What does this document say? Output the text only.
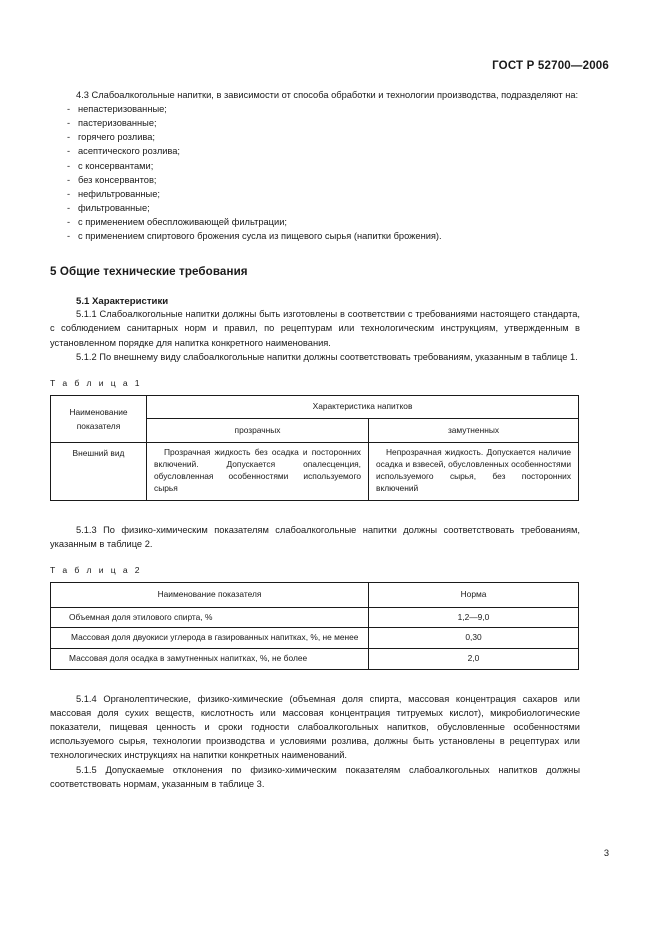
ГОСТ Р 52700—2006

4.3 Слабоалкогольные напитки, в зависимости от способа обработки и технологии производства, подразделяют на:

- непастеризованные;
- пастеризованные;
- горячего розлива;
- асептического розлива;
- с консервантами;
- без консервантов;
- нефильтрованные;
- фильтрованные;
- с применением обеспложивающей фильтрации;
- с применением спиртового брожения сусла из пищевого сырья (напитки брожения).
5 Общие технические требования
5.1 Характеристики

5.1.1 Слабоалкогольные напитки должны быть изготовлены в соответствии с требованиями настоящего стандарта, с соблюдением санитарных норм и правил, по рецептурам или технологическим инструкциям, утвержденным в установленном порядке для напитка конкретного наименования.

5.1.2 По внешнему виду слабоалкогольные напитки должны соответствовать требованиям, указанным в таблице 1.

Т а б л и ц а 1

Наименование
показателя	Характеристика напитков	
	прозрачных	замутненных
Внешний вид	Прозрачная жидкость без осадка и посторонних включений. Допускается опалесценция, обусловленная особенностями используемого сырья	Непрозрачная жидкость. Допускается наличие осадка и взвесей, обусловленных особенностями используемого сырья, без посторонних включений

5.1.3 По физико-химическим показателям слабоалкогольные напитки должны соответствовать требованиям, указанным в таблице 2.

Т а б л и ц а 2

Наименование показателя	Норма
Объемная доля этилового спирта, %	1,2—9,0
Массовая доля двуокиси углерода в газированных напитках, %, не менее	0,30
Массовая доля осадка в замутненных напитках, %, не более	2,0

5.1.4 Органолептические, физико-химические (объемная доля спирта, массовая концентрация сахаров или массовая доля сухих веществ, кислотность или массовая концентрация титруемых кислот), микробиологические показатели, пищевая ценность и сроки годности слабоалкогольных напитков, обусловленные особенностями используемого сырья, технологии производства и условиями розлива, должны быть установлены в рецептурах или технологических инструкциях на напитки конкретных наименований.

5.1.5 Допускаемые отклонения по физико-химическим показателям слабоалкогольных напитков должны соответствовать нормам, указанным в таблице 3.

3
